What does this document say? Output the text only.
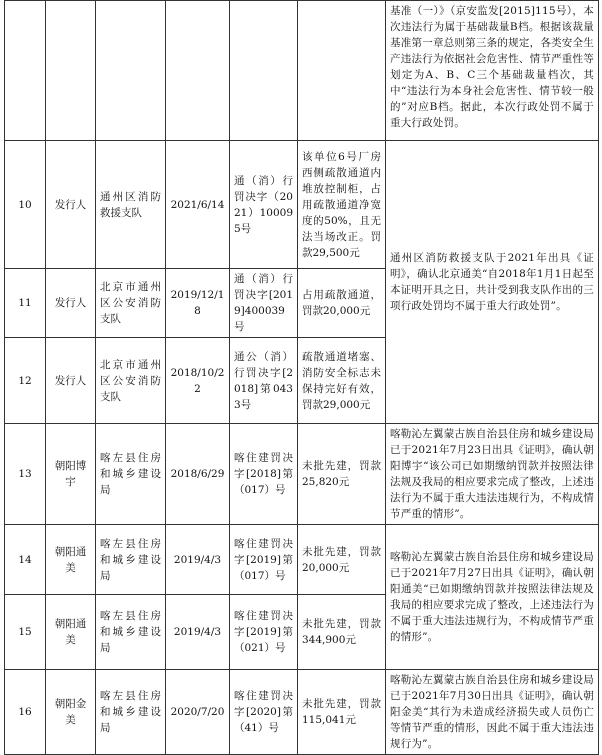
						基准（一）》（京安监发[2015]115号），本次违法行为属于基础裁量B档。根据该裁量基准第一章总则第三条的规定，各类安全生产违法行为依据社会危害性、情节严重性等划定为A、B、C三个基础裁量档次，其中“违法行为本身社会危害性、情节较一般的”对应B档。据此，本次行政处罚不属于重大行政处罚。
10	发行人	通州区消防救援支队	2021/6/14	通（消）行罚决字（2021）100095号	该单位6号厂房西侧疏散通道内堆放控制柜，占用疏散通道净宽度的50%，且无法当场改正。罚款29,500元	通州区消防救援支队于2021年出具《证明》，确认北京通美“自2018年1月1日起至本证明开具之日，共计受到我支队作出的三项行政处罚均不属于重大行政处罚”。
11	发行人	北京市通州区公安消防支队	2019/12/18	通（消）行罚决字[2019]400039号	占用疏散通道，罚款20,000元	
12	发行人	北京市通州区公安消防支队	2018/10/22	通公（消）行罚决字[2018]第0433号	疏散通道堵塞、消防安全标志未保持完好有效，罚款29,000元	
13	朝阳博宇	喀左县住房和城乡建设局	2018/6/29	喀住建罚决字[2018]第（017）号	未批先建，罚款25,820元	喀勒沁左翼蒙古族自治县住房和城乡建设局已于2021年7月23日出具《证明》，确认朝阳博宇“该公司已如期缴纳罚款并按照法律法规及我局的相应要求完成了整改，上述违法行为不属于重大违法违规行为，不构成情节严重的情形”。
14	朝阳通美	喀左县住房和城乡建设局	2019/4/3	喀住建罚决字[2019]第（017）号	未批先建，罚款20,000元	喀勒沁左翼蒙古族自治县住房和城乡建设局已于2021年7月27日出具《证明》，确认朝阳通美“已如期缴纳罚款并按照法律法规及我局的相应要求完成了整改，上述违法行为不属于重大违法违规行为，不构成情节严重的情形”。
15	朝阳通美	喀左县住房和城乡建设局	2019/4/3	喀住建罚决字[2019]第（021）号	未批先建，罚款344,900元	
16	朝阳金美	喀左县住房和城乡建设局	2020/7/20	喀住建罚决字[2020]第（41）号	未批先建，罚款115,041元	喀勒沁左翼蒙古族自治县住房和城乡建设局已于2021年7月30日出具《证明》，确认朝阳金美“其行为未造成经济损失或人员伤亡等情节严重的情形，因此不属于重大违法违规行为”。
